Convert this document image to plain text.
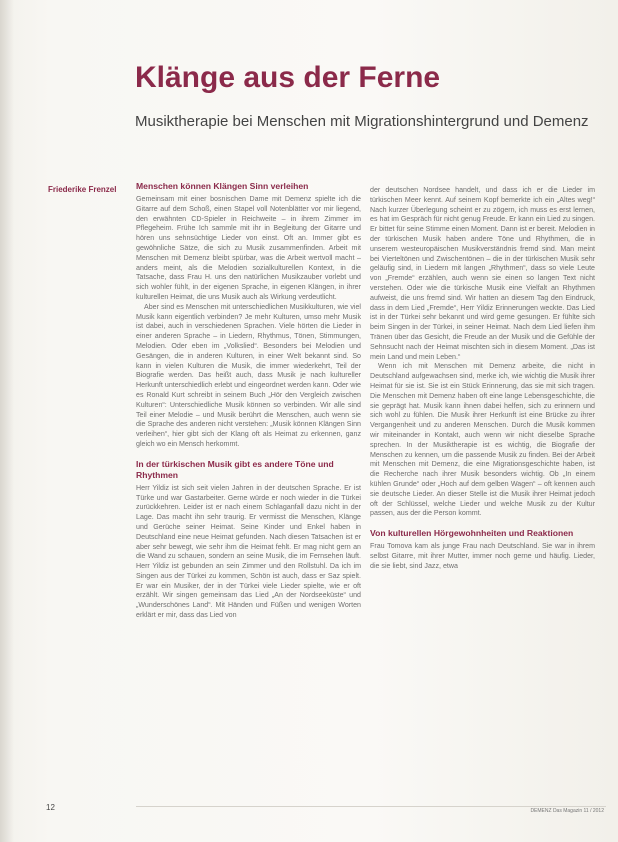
Klänge aus der Ferne

Musiktherapie bei Menschen mit Migrationshintergrund und Demenz

Friederike Frenzel Menschen können Klängen Sinn verleihen

Gemeinsam mit einer bosnischen Dame mit Demenz spielte ich die Gitarre auf dem Schoß, einen Stapel voll Notenblätter vor mir liegend, den erwähnten CD-Spieler in Reichweite – in ihrem Zimmer im Pflegeheim. Frühe Ich sammle mit ihr in Begleitung der Gitarre und hören uns sehnsüchtige Lieder von einst. Oft an. Immer gibt es gewöhnliche Sätze, die sich zu Musik zusammenfinden. Arbeit mit Menschen mit Demenz bleibt spürbar, was die Arbeit wertvoll macht – anders meint, als die Melodien sozialkulturellen Kontext, in die Tatsache, dass Frau H. uns den natürlichen Musikzauber vorlebt und sich wohler fühlt, in der eigenen Sprache, in eigenen Klängen, in ihrer kulturellen Heimat, die uns Musik auch als Wirkung verdeutlicht.

Aber sind es Menschen mit unterschiedlichen Musikkulturen, wie viel Musik kann eigentlich verbinden? Je mehr Kulturen, umso mehr Musik ist dabei, auch in verschiedenen Sprachen. Viele hörten die Lieder in einer anderen Sprache – in Liedern, Rhythmus, Tönen, Stimmungen, Melodien. Oder eben im „Volkslied“. Besonders bei Melodien und Gesängen, die in anderen Kulturen, in einer Welt bekannt sind. So kann in vielen Kulturen die Musik, die immer wiederkehrt, Teil der Biografie werden. Das heißt auch, dass Musik je nach kultureller Herkunft unterschiedlich erlebt und eingeordnet werden kann. Oder wie es Ronald Kurt schreibt in seinem Buch „Hör den Vergleich zwischen Kulturen“: Unterschiedliche Musik können so verbinden. Wir alle sind Teil einer Melodie – und Musik berührt die Menschen, auch wenn sie die Sprache des anderen nicht verstehen: „Musik können Klängen Sinn verleihen“, hier gibt sich der Klang oft als Heimat zu erkennen, ganz gleich wo ein Mensch herkommt.

In der türkischen Musik gibt es andere Töne und Rhythmen

Herr Yildiz ist sich seit vielen Jahren in der deutschen Sprache. Er ist Türke und war Gastarbeiter. Gerne würde er noch wieder in die Türkei zurückkehren. Leider ist er nach einem Schlaganfall dazu nicht in der Lage. Das macht ihn sehr traurig. Er vermisst die Menschen, Klänge und Gerüche seiner Heimat. Seine Kinder und Enkel haben in Deutschland eine neue Heimat gefunden. Nach diesen Tatsachen ist er aber sehr bewegt, wie sehr ihm die Heimat fehlt. Er mag nicht gern an die Wand zu schauen, sondern an seine Musik, die im Fernsehen läuft. Herr Yildiz ist gebunden an sein Zimmer und den Rollstuhl. Da ich im Singen aus der Türkei zu kommen, Schön ist auch, dass er Saz spielt. Er war ein Musiker, der in der Türkei viele Lieder spielte, wie er oft erzählt. Wir singen gemeinsam das Lied „An der Nordseeküste“ und „Wunderschönes Land“. Mit Händen und Füßen und wenigen Worten erklärt er mir, dass das Lied von

der deutschen Nordsee handelt, und dass ich er die Lieder im türkischen Meer kennt. Auf seinem Kopf bemerkte ich ein „Altes weg!“ Nach kurzer Überlegung scheint er zu zögern, ich muss es erst lernen, es hat im Gespräch für nicht genug Freude. Er kann ein Lied zu singen. Er bittet für seine Stimme einen Moment. Dann ist er bereit. Melodien in der türkischen Musik haben andere Töne und Rhythmen, die in unserem westeuropäischen Musikverständnis fremd sind. Man meint bei Vierteltönen und Zwischentönen – die in der türkischen Musik sehr geläufig sind, in Liedern mit langen „Rhythmen“, dass so viele Leute von „Fremde“ erzählen, auch wenn sie einen so langen Text nicht verstehen. Oder wie die türkische Musik eine Vielfalt an Rhythmen aufweist, die uns fremd sind. Wir hatten an diesem Tag den Eindruck, dass in dem Lied „Fremde“, Herr Yildiz Erinnerungen weckte. Das Lied ist in der Türkei sehr bekannt und wird gerne gesungen. Er fühlte sich beim Singen in der Türkei, in seiner Heimat. Nach dem Lied liefen ihm Tränen über das Gesicht, die Freude an der Musik und die Gefühle der Sehnsucht nach der Heimat mischten sich in diesem Moment. „Das ist mein Land und mein Leben.“

Wenn ich mit Menschen mit Demenz arbeite, die nicht in Deutschland aufgewachsen sind, merke ich, wie wichtig die Musik ihrer Heimat für sie ist. Sie ist ein Stück Erinnerung, das sie mit sich tragen. Die Menschen mit Demenz haben oft eine lange Lebensgeschichte, die sie geprägt hat. Musik kann ihnen dabei helfen, sich zu erinnern und sich wohl zu fühlen. Die Musik ihrer Herkunft ist eine Brücke zu ihrer Vergangenheit und zu anderen Menschen. Durch die Musik kommen wir miteinander in Kontakt, auch wenn wir nicht dieselbe Sprache sprechen. In der Musiktherapie ist es wichtig, die Biografie der Menschen zu kennen, um die passende Musik zu finden. Bei der Arbeit mit Menschen mit Demenz, die eine Migrationsgeschichte haben, ist die Recherche nach ihrer Musik besonders wichtig. Ob „In einem kühlen Grunde“ oder „Hoch auf dem gelben Wagen“ – oft kennen auch sie deutsche Lieder. An dieser Stelle ist die Musik ihrer Heimat jedoch oft der Schlüssel, welche Lieder und welche Musik zu der Kultur passen, aus der die Person kommt.

Von kulturellen Hörgewohnheiten und Reaktionen

Frau Tomova kam als junge Frau nach Deutschland. Sie war in ihrem selbst Gitarre, mit ihrer Mutter, immer noch gerne und häufig. Lieder, die sie liebt, sind Jazz, etwa

12	DEMENZ Das Magazin 11 / 2012
